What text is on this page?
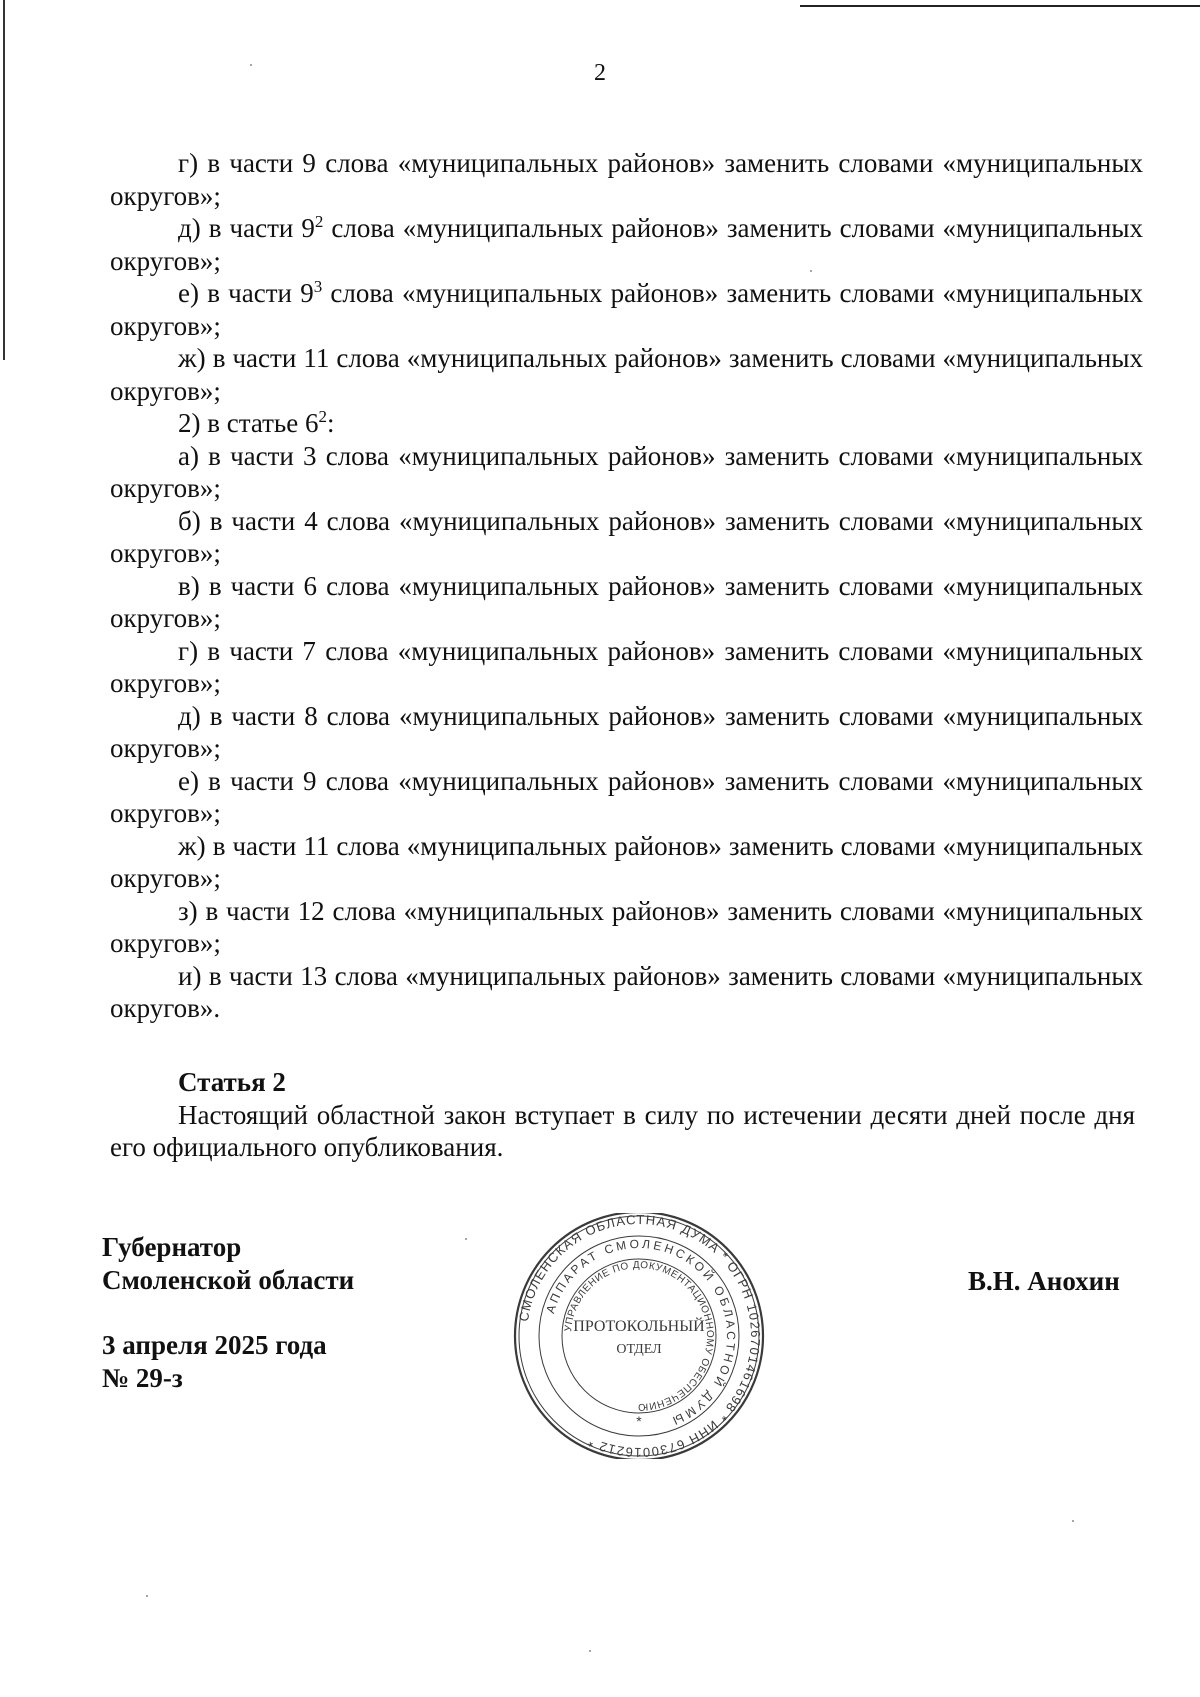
2

г) в части 9 слова «муниципальных районов» заменить словами «муниципальных округов»;

д) в части $9^2$ слова «муниципальных районов» заменить словами «муниципальных округов»;

е) в части $9^3$ слова «муниципальных районов» заменить словами «муниципальных округов»;

ж) в части 11 слова «муниципальных районов» заменить словами «муниципальных округов»;

2) в статье $6^2$:

а) в части 3 слова «муниципальных районов» заменить словами «муниципальных округов»;

б) в части 4 слова «муниципальных районов» заменить словами «муниципальных округов»;

в) в части 6 слова «муниципальных районов» заменить словами «муниципальных округов»;

г) в части 7 слова «муниципальных районов» заменить словами «муниципальных округов»;

д) в части 8 слова «муниципальных районов» заменить словами «муниципальных округов»;

е) в части 9 слова «муниципальных районов» заменить словами «муниципальных округов»;

ж) в части 11 слова «муниципальных районов» заменить словами «муниципальных округов»;

з) в части 12 слова «муниципальных районов» заменить словами «муниципальных округов»;

и) в части 13 слова «муниципальных районов» заменить словами «муниципальных округов».

Статья 2

Настоящий областной закон вступает в силу по истечении десяти дней после дня его официального опубликования.

Губернатор

Смоленской области

3 апреля 2025 года

№ 29-з

В.Н. Анохин
СМОЛЕНСКАЯ ОБЛАСТНАЯ ДУМА * ОГРН 1026701461698 * ИНН 6730016212 *
АППАРАТ СМОЛЕНСКОЙ ОБЛАСТНОЙ ДУМЫ
УПРАВЛЕНИЕ ПО ДОКУМЕНТАЦИОННОМУ ОБЕСПЕЧЕНИЮ
ПРОТОКОЛЬНЫЙ
ОТДЕЛ
*
